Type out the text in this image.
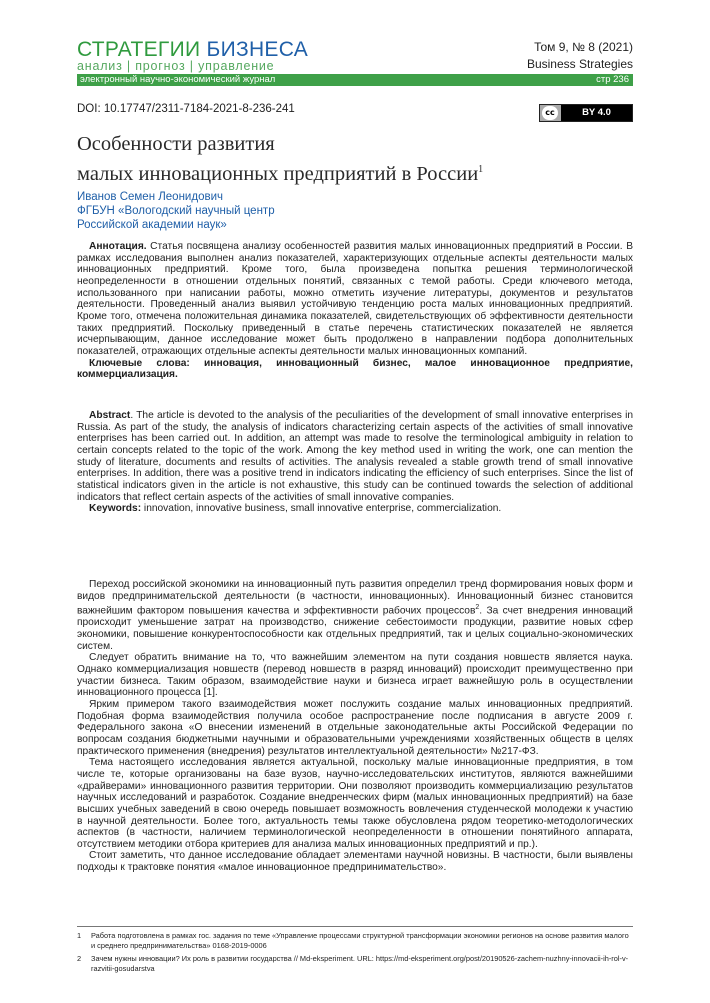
СТРАТЕГИИ БИЗНЕСА
анализ | прогноз | управление
Том 9, № 8 (2021)
Business Strategies
электронный научно-экономический журнал	стр 236
DOI: 10.17747/2311-7184-2021-8-236-241	cc	BY 4.0
Особенности развития
малых инновационных предприятий в России$^1$
Иванов Семен Леонидович
ФГБУН «Вологодский научный центр
Российской академии наук»

Аннотация. Статья посвящена анализу особенностей развития малых инновационных предприятий в России. В рамках исследования выполнен анализ показателей, характеризующих отдельные аспекты деятельности малых инновационных предприятий. Кроме того, была произведена попытка решения терминологической неопределенности в отношении отдельных понятий, связанных с темой работы. Среди ключевого метода, использованного при написании работы, можно отметить изучение литературы, документов и результатов деятельности. Проведенный анализ выявил устойчивую тенденцию роста малых инновационных предприятий. Кроме того, отмечена положительная динамика показателей, свидетельствующих об эффективности деятельности таких предприятий. Поскольку приведенный в статье перечень статистических показателей не является исчерпывающим, данное исследование может быть продолжено в направлении подбора дополнительных показателей, отражающих отдельные аспекты деятельности малых инновационных компаний.

Ключевые слова: инновация, инновационный бизнес, малое инновационное предприятие, коммерциализация.

Abstract. The article is devoted to the analysis of the peculiarities of the development of small innovative enterprises in Russia. As part of the study, the analysis of indicators characterizing certain aspects of the activities of small innovative enterprises has been carried out. In addition, an attempt was made to resolve the terminological ambiguity in relation to certain concepts related to the topic of the work. Among the key method used in writing the work, one can mention the study of literature, documents and results of activities. The analysis revealed a stable growth trend of small innovative enterprises. In addition, there was a positive trend in indicators indicating the efficiency of such enterprises. Since the list of statistical indicators given in the article is not exhaustive, this study can be continued towards the selection of additional indicators that reflect certain aspects of the activities of small innovative companies.

Keywords: innovation, innovative business, small innovative enterprise, commercialization.

Переход российской экономики на инновационный путь развития определил тренд формирования новых форм и видов предпринимательской деятельности (в частности, инновационных). Инновационный бизнес становится важнейшим фактором повышения качества и эффективности рабочих процессов$^2$. За счет внедрения инноваций происходит уменьшение затрат на производство, снижение себестоимости продукции, развитие новых сфер экономики, повышение конкурентоспособности как отдельных предприятий, так и целых социально-экономических систем.

Следует обратить внимание на то, что важнейшим элементом на пути создания новшеств является наука. Однако коммерциализация новшеств (перевод новшеств в разряд инноваций) происходит преимущественно при участии бизнеса. Таким образом, взаимодействие науки и бизнеса играет важнейшую роль в осуществлении инновационного процесса [1].

Ярким примером такого взаимодействия может послужить создание малых инновационных предприятий. Подобная форма взаимодействия получила особое распространение после подписания в августе 2009 г. Федерального закона «О внесении изменений в отдельные законодательные акты Российской Федерации по вопросам создания бюджетными научными и образовательными учреждениями хозяйственных обществ в целях практического применения (внедрения) результатов интеллектуальной деятельности» №217-ФЗ.

Тема настоящего исследования является актуальной, поскольку малые инновационные предприятия, в том числе те, которые организованы на базе вузов, научно-исследовательских институтов, являются важнейшими «драйверами» инновационного развития территории. Они позволяют производить коммерциализацию результатов научных исследований и разработок. Создание внедренческих фирм (малых инновационных предприятий) на базе высших учебных заведений в свою очередь повышает возможность вовлечения студенческой молодежи к участию в научной деятельности. Более того, актуальность темы также обусловлена рядом теоретико-методологических аспектов (в частности, наличием терминологической неопределенности в отношении понятийного аппарата, отсутствием методики отбора критериев для анализа малых инновационных предприятий и пр.).

Стоит заметить, что данное исследование обладает элементами научной новизны. В частности, были выявлены подходы к трактовке понятия «малое инновационное предпринимательство».

1	Работа подготовлена в рамках гос. задания по теме «Управление процессами структурной трансформации экономики регионов на основе развития малого и среднего предпринимательства» 0168-2019-0006
2	Зачем нужны инновации? Их роль в развитии государства // Md-eksperiment. URL: https://md-eksperiment.org/post/20190526-zachem-nuzhny-innovacii-ih-rol-v-razvitii-gosudarstva
